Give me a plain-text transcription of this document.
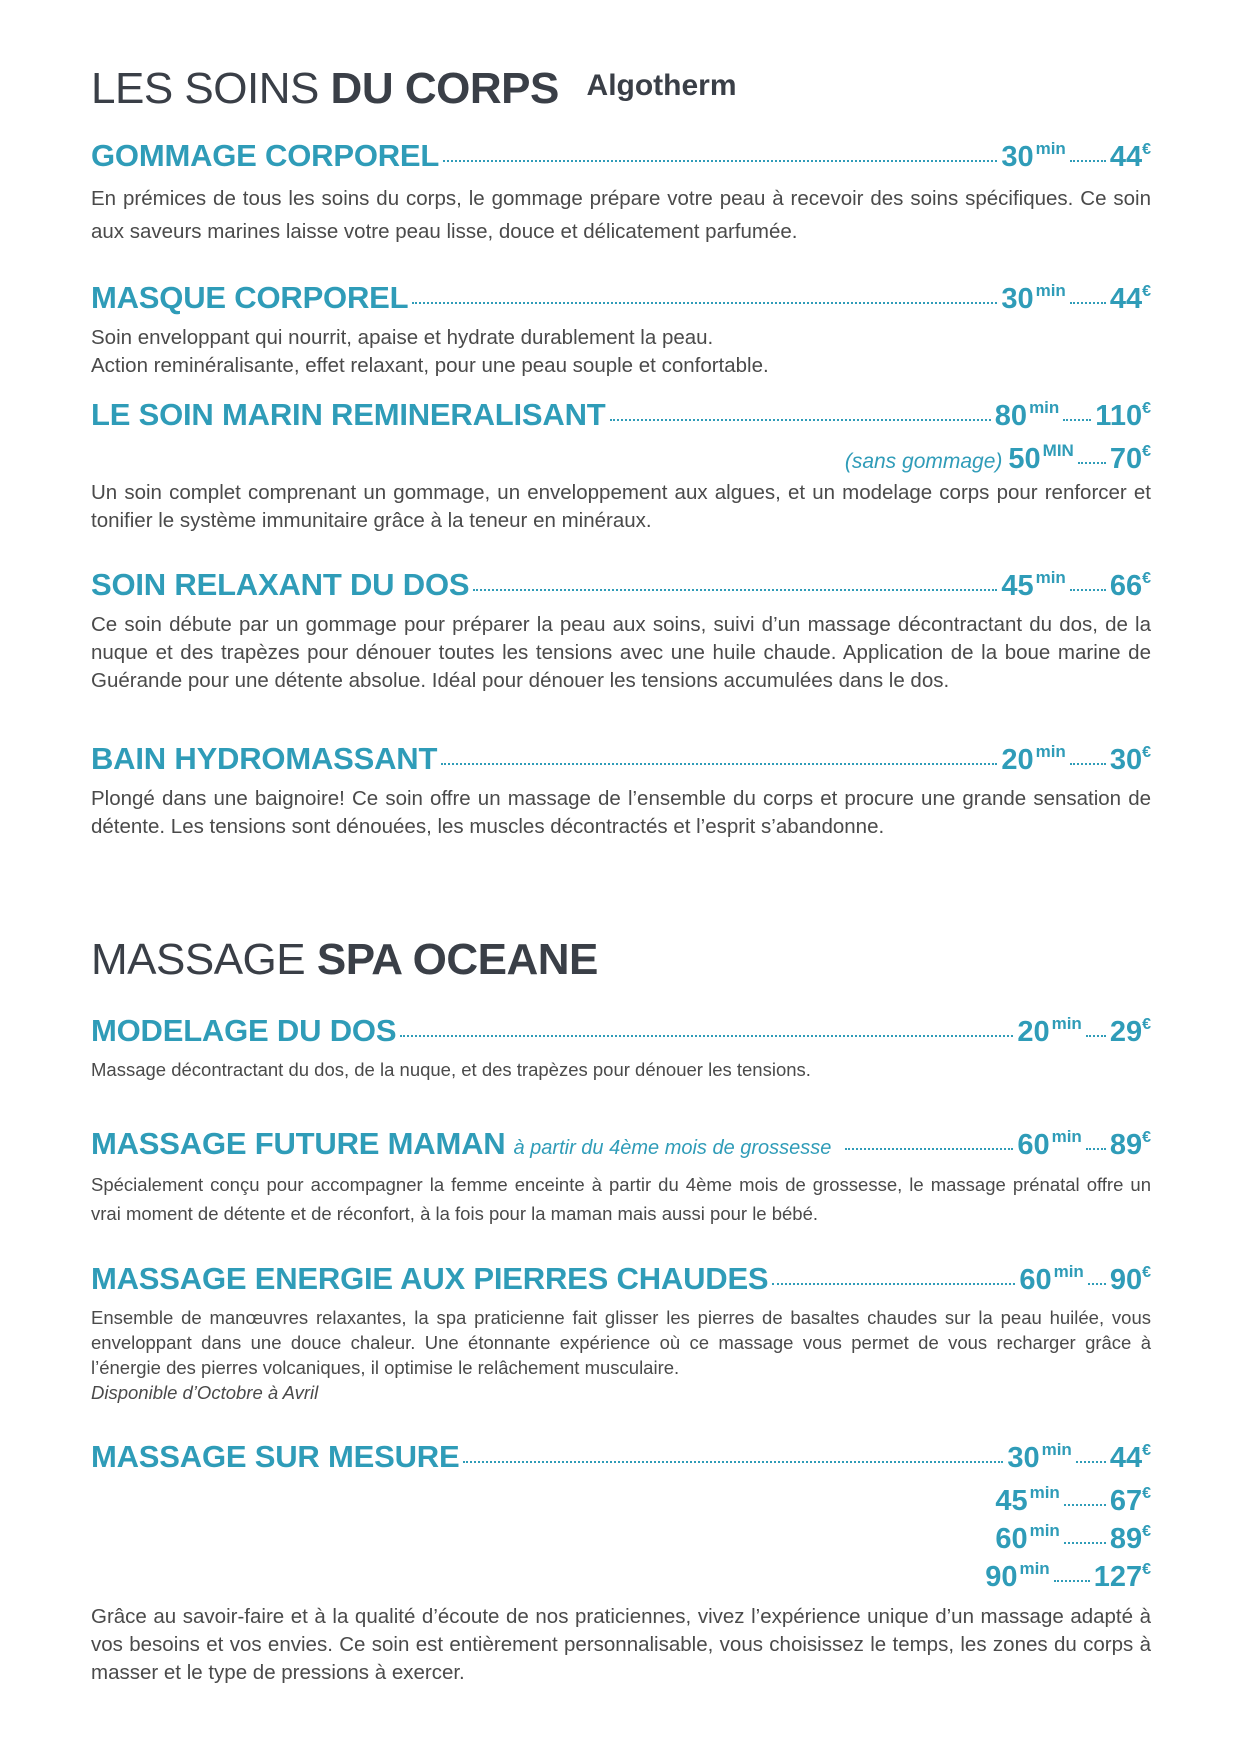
LES SOINS DU CORPS Algotherm
GOMMAGE CORPOREL	30 $^{min}$ 44€

En prémices de tous les soins du corps, le gommage prépare votre peau à recevoir des soins spécifiques. Ce soin aux saveurs marines laisse votre peau lisse, douce et délicatement parfumée.

MASQUE CORPOREL	30 $^{min}$ 44€

Soin enveloppant qui nourrit, apaise et hydrate durablement la peau.
Action reminéralisante, effet relaxant, pour une peau souple et confortable.

LE SOIN MARIN REMINERALISANT	80 $^{min}$ 110€
(sans gommage) 50 $^{MIN}$ 70€

Un soin complet comprenant un gommage, un enveloppement aux algues, et un modelage corps pour renforcer et tonifier le système immunitaire grâce à la teneur en minéraux.

SOIN RELAXANT DU DOS	45 $^{min}$ 66€

Ce soin débute par un gommage pour préparer la peau aux soins, suivi d’un massage décontractant du dos, de la nuque et des trapèzes pour dénouer toutes les tensions avec une huile chaude. Application de la boue marine de Guérande pour une détente absolue. Idéal pour dénouer les tensions accumulées dans le dos.

BAIN HYDROMASSANT	20 $^{min}$ 30€

Plongé dans une baignoire! Ce soin offre un massage de l’ensemble du corps et procure une grande sensation de détente. Les tensions sont dénouées, les muscles décontractés et l’esprit s’abandonne.

MASSAGE SPA OCEANE
MODELAGE DU DOS	20 $^{min}$ 29€

Massage décontractant du dos, de la nuque, et des trapèzes pour dénouer les tensions.

MASSAGE FUTURE MAMAN à partir du 4ème mois de grossesse	60 $^{min}$ 89€

Spécialement conçu pour accompagner la femme enceinte à partir du 4ème mois de grossesse, le massage prénatal offre un vrai moment de détente et de réconfort, à la fois pour la maman mais aussi pour le bébé.

MASSAGE ENERGIE AUX PIERRES CHAUDES	60 $^{min}$ 90€

Ensemble de manœuvres relaxantes, la spa praticienne fait glisser les pierres de basaltes chaudes sur la peau huilée, vous enveloppant dans une douce chaleur. Une étonnante expérience où ce massage vous permet de vous recharger grâce à l’énergie des pierres volcaniques, il optimise le relâchement musculaire.
Disponible d’Octobre à Avril

MASSAGE SUR MESURE	30 $^{min}$ 44€
45 $^{min}$ 67€
60 $^{min}$ 89€
90 $^{min}$ 127€

Grâce au savoir-faire et à la qualité d’écoute de nos praticiennes, vivez l’expérience unique d’un massage adapté à vos besoins et vos envies. Ce soin est entièrement personnalisable, vous choisissez le temps, les zones du corps à masser et le type de pressions à exercer.
